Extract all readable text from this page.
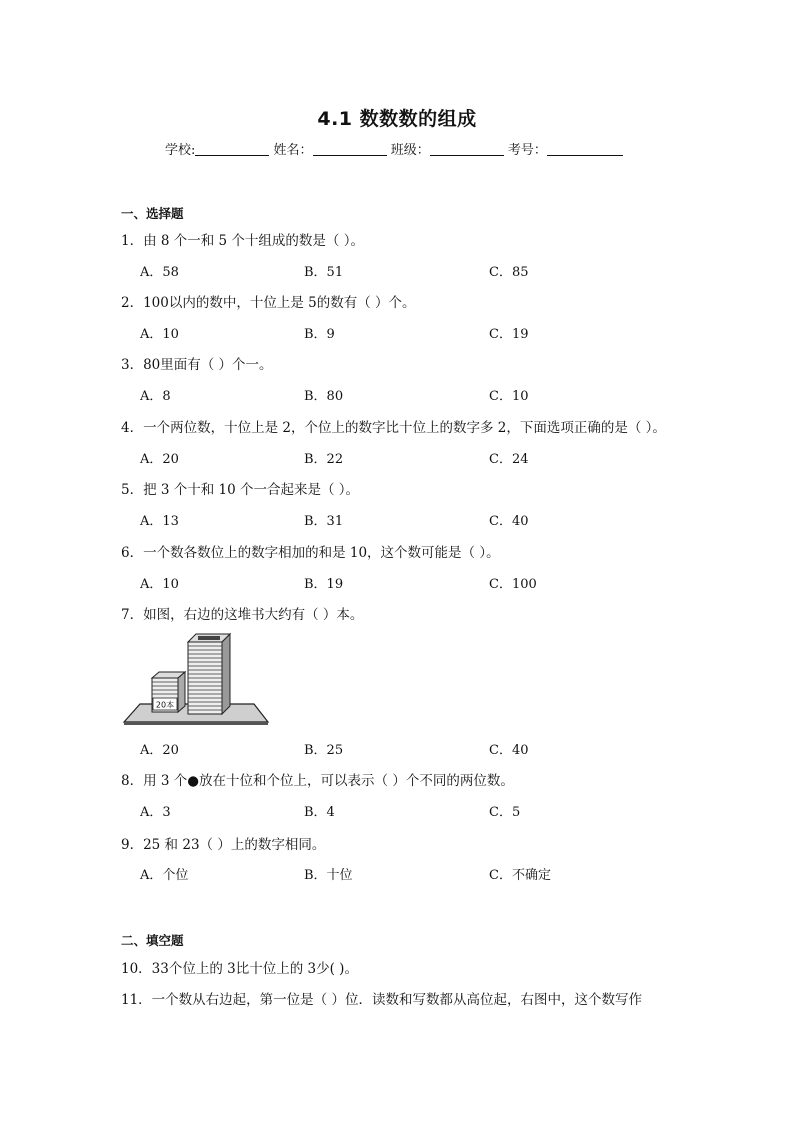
4.1 数数数的组成
学校:	姓名：	班级：	考号：
一、选择题
1．由 8 个一和 5 个十组成的数是（ ）。
A．58	B．51	C．85
2．100以内的数中，十位上是 5的数有（ ）个。
A．10	B．9	C．19
3．80里面有（ ）个一。
A．8	B．80	C．10
4．一个两位数，十位上是 2，个位上的数字比十位上的数字多 2，下面选项正确的是（ ）。
A．20	B．22	C．24
5．把 3 个十和 10 个一合起来是（ ）。
A．13	B．31	C．40
6．一个数各数位上的数字相加的和是 10，这个数可能是（ ）。
A．10	B．19	C．100
7．如图，右边的这堆书大约有（ ）本。
20本
A．20	B．25	C．40
8．用 3 个●放在十位和个位上，可以表示（ ）个不同的两位数。
A．3	B．4	C．5
9．25 和 23（ ）上的数字相同。
A．个位	B．十位	C．不确定
二、填空题
10．33个位上的 3比十位上的 3少( )。
11．一个数从右边起，第一位是（ ）位．读数和写数都从高位起，右图中，这个数写作
